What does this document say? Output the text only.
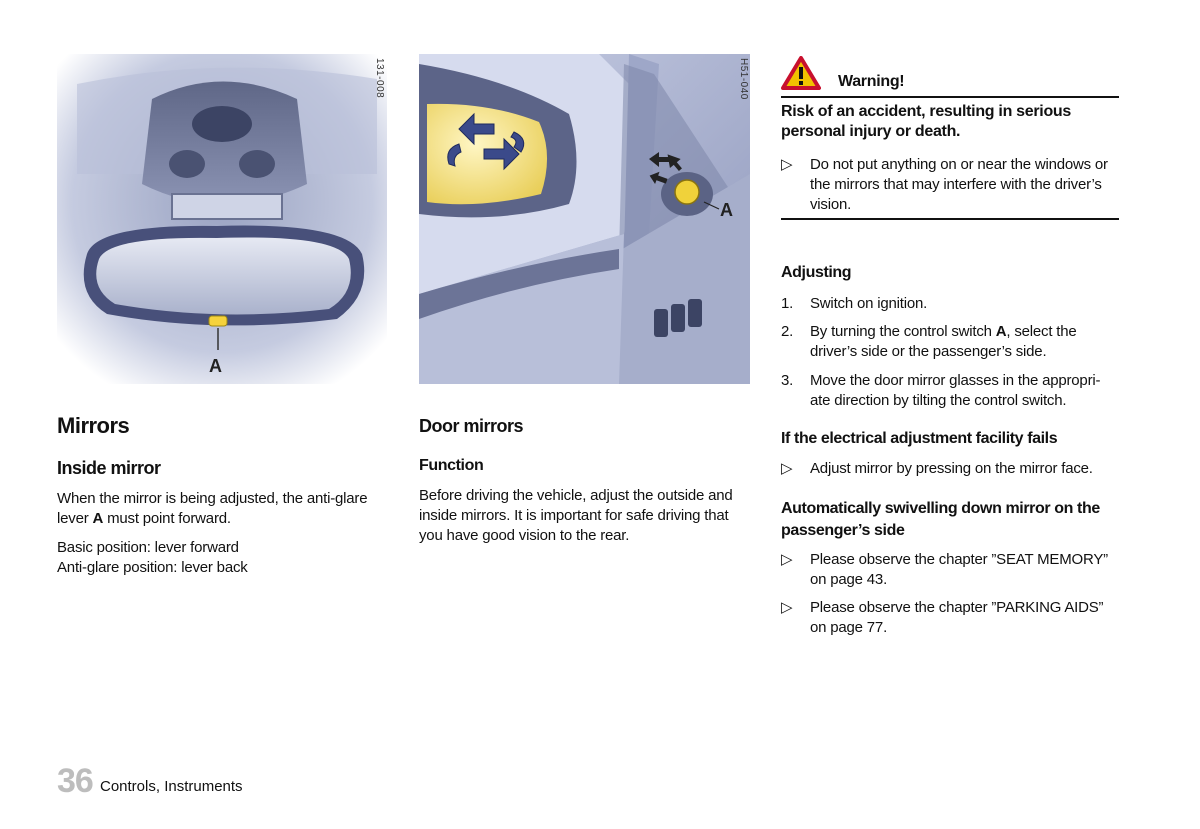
A
131-008
A
H51-040
Mirrors
Inside mirror

When the mirror is being adjusted, the anti-glare
lever A must point forward.

Basic position: lever forward
Anti-glare position: lever back

Door mirrors
Function

Before driving the vehicle, adjust the outside and
inside mirrors. It is important for safe driving that
you have good vision to the rear.

Warning!
Risk of an accident, resulting in serious
personal injury or death.
▷	Do not put anything on or near the windows or
the mirrors that may interfere with the driver’s
vision.
Adjusting
1.	Switch on ignition.
2.	By turning the control switch A, select the
driver’s side or the passenger’s side.
3.	Move the door mirror glasses in the appropri-
ate direction by tilting the control switch.
If the electrical adjustment facility fails
▷	Adjust mirror by pressing on the mirror face.
Automatically swivelling down mirror on the
passenger’s side
▷	Please observe the chapter ”SEAT MEMORY”
on page 43.
▷	Please observe the chapter ”PARKING AIDS”
on page 77.
36 Controls, Instruments
